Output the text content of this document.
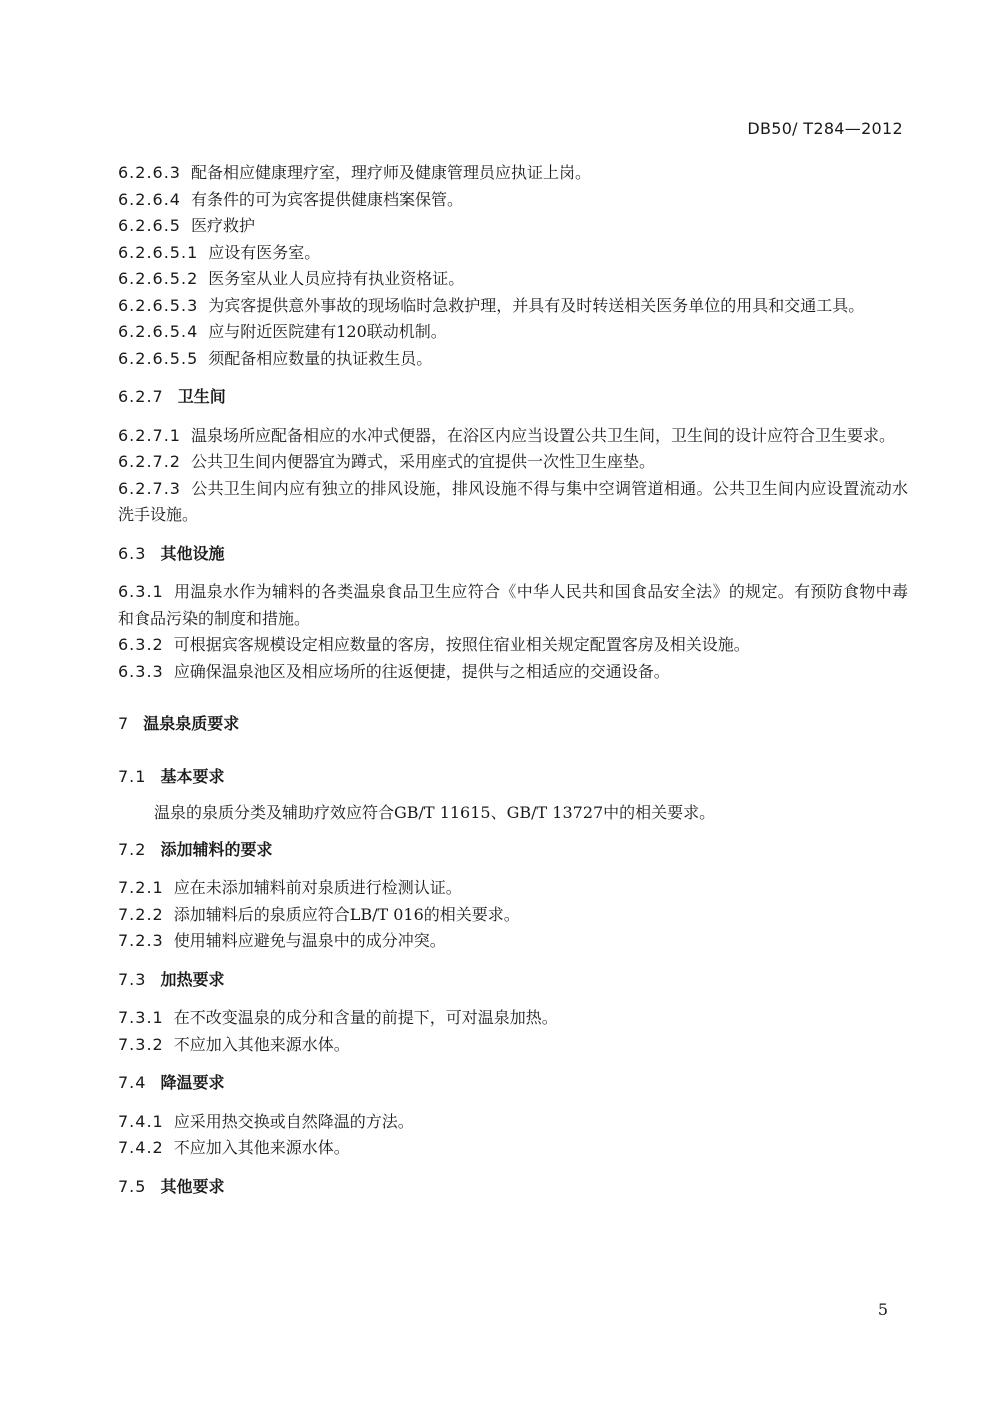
DB50/ T284—2012

6.2.6.3 配备相应健康理疗室，理疗师及健康管理员应执证上岗。

6.2.6.4 有条件的可为宾客提供健康档案保管。

6.2.6.5 医疗救护

6.2.6.5.1 应设有医务室。

6.2.6.5.2 医务室从业人员应持有执业资格证。

6.2.6.5.3 为宾客提供意外事故的现场临时急救护理，并具有及时转送相关医务单位的用具和交通工具。

6.2.6.5.4 应与附近医院建有120联动机制。

6.2.6.5.5 须配备相应数量的执证救生员。

6.2.7 卫生间

6.2.7.1 温泉场所应配备相应的水冲式便器，在浴区内应当设置公共卫生间，卫生间的设计应符合卫生要求。

6.2.7.2 公共卫生间内便器宜为蹲式，采用座式的宜提供一次性卫生座垫。

6.2.7.3 公共卫生间内应有独立的排风设施，排风设施不得与集中空调管道相通。公共卫生间内应设置流动水洗手设施。

6.3 其他设施

6.3.1 用温泉水作为辅料的各类温泉食品卫生应符合《中华人民共和国食品安全法》的规定。有预防食物中毒和食品污染的制度和措施。

6.3.2 可根据宾客规模设定相应数量的客房，按照住宿业相关规定配置客房及相关设施。

6.3.3 应确保温泉池区及相应场所的往返便捷，提供与之相适应的交通设备。

7 温泉泉质要求

7.1 基本要求

温泉的泉质分类及辅助疗效应符合GB/T 11615、GB/T 13727中的相关要求。

7.2 添加辅料的要求

7.2.1 应在未添加辅料前对泉质进行检测认证。

7.2.2 添加辅料后的泉质应符合LB/T 016的相关要求。

7.2.3 使用辅料应避免与温泉中的成分冲突。

7.3 加热要求

7.3.1 在不改变温泉的成分和含量的前提下，可对温泉加热。

7.3.2 不应加入其他来源水体。

7.4 降温要求

7.4.1 应采用热交换或自然降温的方法。

7.4.2 不应加入其他来源水体。

7.5 其他要求

5
